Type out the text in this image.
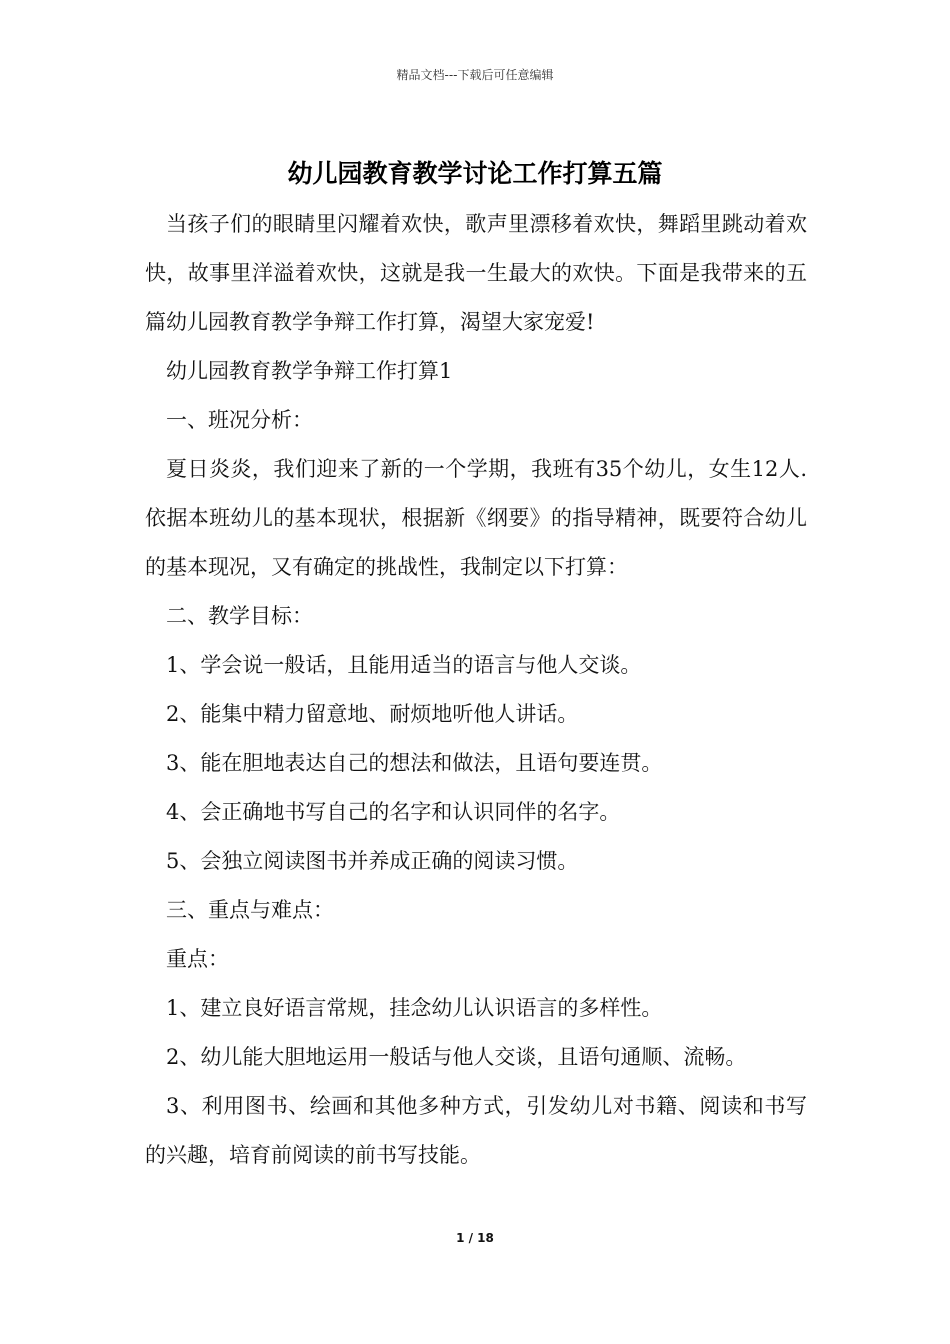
精品文档---下载后可任意编辑
幼儿园教育教学讨论工作打算五篇

当孩子们的眼睛里闪耀着欢快，歌声里漂移着欢快，舞蹈里跳动着欢快，故事里洋溢着欢快，这就是我一生最大的欢快。下面是我带来的五篇幼儿园教育教学争辩工作打算，渴望大家宠爱!

幼儿园教育教学争辩工作打算1

一、班况分析：

夏日炎炎，我们迎来了新的一个学期，我班有35个幼儿，女生12人.依据本班幼儿的基本现状，根据新《纲要》的指导精神，既要符合幼儿的基本现况，又有确定的挑战性，我制定以下打算：

二、教学目标：

1、学会说一般话，且能用适当的语言与他人交谈。

2、能集中精力留意地、耐烦地听他人讲话。

3、能在胆地表达自己的想法和做法，且语句要连贯。

4、会正确地书写自己的名字和认识同伴的名字。

5、会独立阅读图书并养成正确的阅读习惯。

三、重点与难点：

重点：

1、建立良好语言常规，挂念幼儿认识语言的多样性。

2、幼儿能大胆地运用一般话与他人交谈，且语句通顺、流畅。

3、利用图书、绘画和其他多种方式，引发幼儿对书籍、阅读和书写的兴趣，培育前阅读的前书写技能。

1 / 18
